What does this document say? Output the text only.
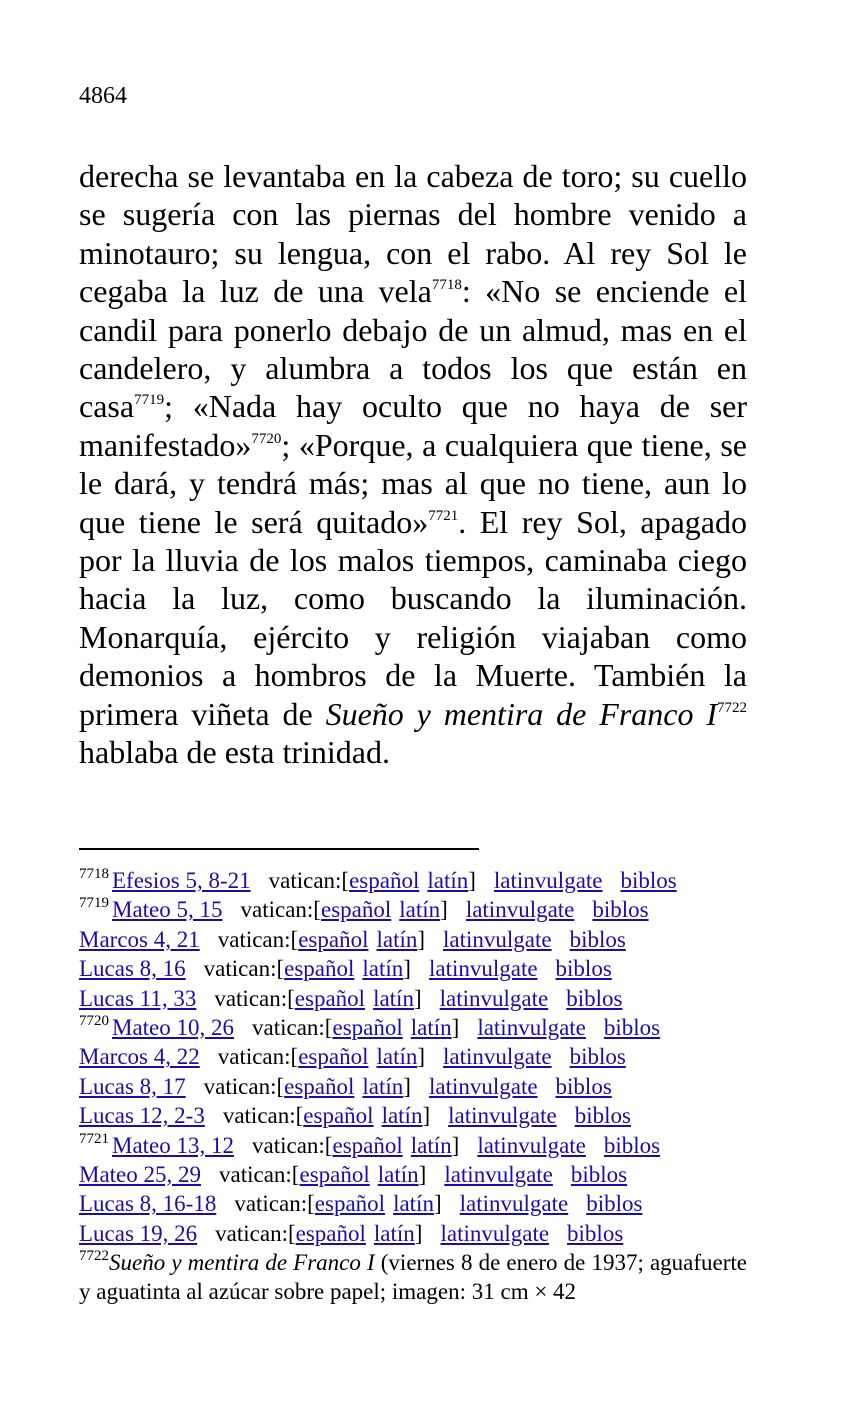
4864

derecha se levantaba en la cabeza de toro; su cuello se sugería con las piernas del hombre venido a minotauro; su lengua, con el rabo. Al rey Sol le cegaba la luz de una vela$^{7718}$: «No se enciende el candil para ponerlo debajo de un almud, mas en el candelero, y alumbra a todos los que están en casa$^{7719}$; «Nada hay oculto que no haya de ser manifestado»$^{7720}$; «Porque, a cualquiera que tiene, se le dará, y tendrá más; mas al que no tiene, aun lo que tiene le será quitado»$^{7721}$. El rey Sol, apagado por la lluvia de los malos tiempos, caminaba ciego hacia la luz, como buscando la iluminación. Monarquía, ejército y religión viajaban como demonios a hombros de la Muerte. También la primera viñeta de Sueño y mentira de Franco $I^{7722}$ hablaba de esta trinidad.

$^{7718}$ Efesios 5, 8-21 vatican:[español latín] latinvulgate biblos
$^{7719}$ Mateo 5, 15 vatican:[español latín] latinvulgate biblos
Marcos 4, 21 vatican:[español latín] latinvulgate biblos
Lucas 8, 16 vatican:[español latín] latinvulgate biblos
Lucas 11, 33 vatican:[español latín] latinvulgate biblos
$^{7720}$ Mateo 10, 26 vatican:[español latín] latinvulgate biblos
Marcos 4, 22 vatican:[español latín] latinvulgate biblos
Lucas 8, 17 vatican:[español latín] latinvulgate biblos
Lucas 12, 2-3 vatican:[español latín] latinvulgate biblos
$^{7721}$ Mateo 13, 12 vatican:[español latín] latinvulgate biblos
Mateo 25, 29 vatican:[español latín] latinvulgate biblos
Lucas 8, 16-18 vatican:[español latín] latinvulgate biblos
Lucas 19, 26 vatican:[español latín] latinvulgate biblos
$^{7722}$Sueño y mentira de Franco I (viernes 8 de enero de 1937; aguafuerte y aguatinta al azúcar sobre papel; imagen: 31 cm × 42
